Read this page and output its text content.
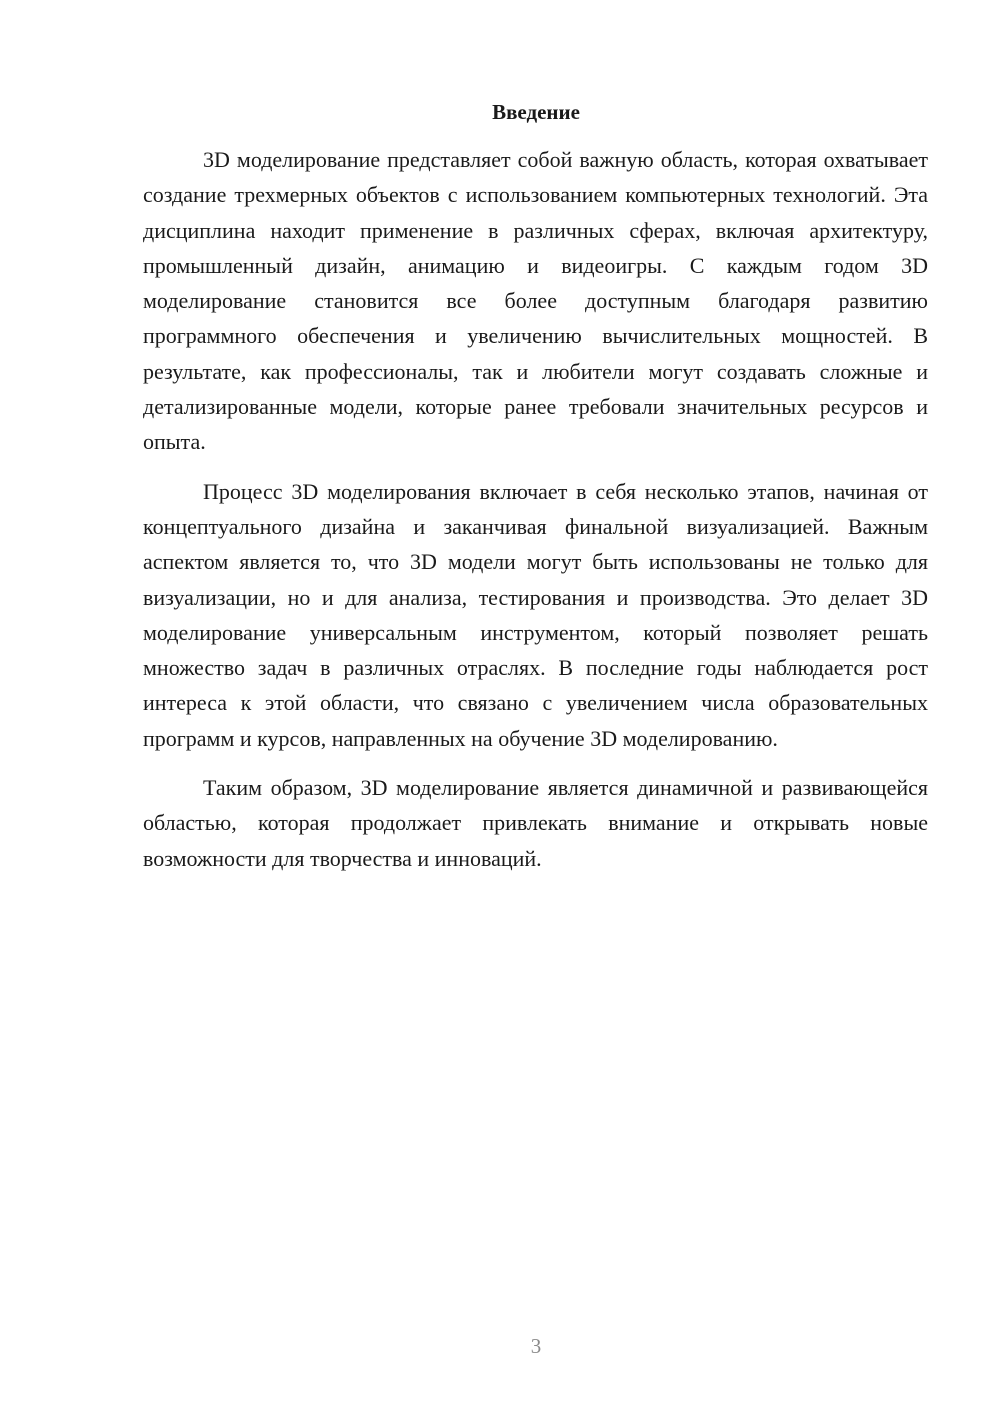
Введение

3D моделирование представляет собой важную область, которая охватывает создание трехмерных объектов с использованием компьютерных технологий. Эта дисциплина находит применение в различных сферах, включая архитектуру, промышленный дизайн, анимацию и видеоигры. С каждым годом 3D моделирование становится все более доступным благодаря развитию программного обеспечения и увеличению вычислительных мощностей. В результате, как профессионалы, так и любители могут создавать сложные и детализированные модели, которые ранее требовали значительных ресурсов и опыта.

Процесс 3D моделирования включает в себя несколько этапов, начиная от концептуального дизайна и заканчивая финальной визуализацией. Важным аспектом является то, что 3D модели могут быть использованы не только для визуализации, но и для анализа, тестирования и производства. Это делает 3D моделирование универсальным инструментом, который позволяет решать множество задач в различных отраслях. В последние годы наблюдается рост интереса к этой области, что связано с увеличением числа образовательных программ и курсов, направленных на обучение 3D моделированию.

Таким образом, 3D моделирование является динамичной и развивающейся областью, которая продолжает привлекать внимание и открывать новые возможности для творчества и инноваций.

3
